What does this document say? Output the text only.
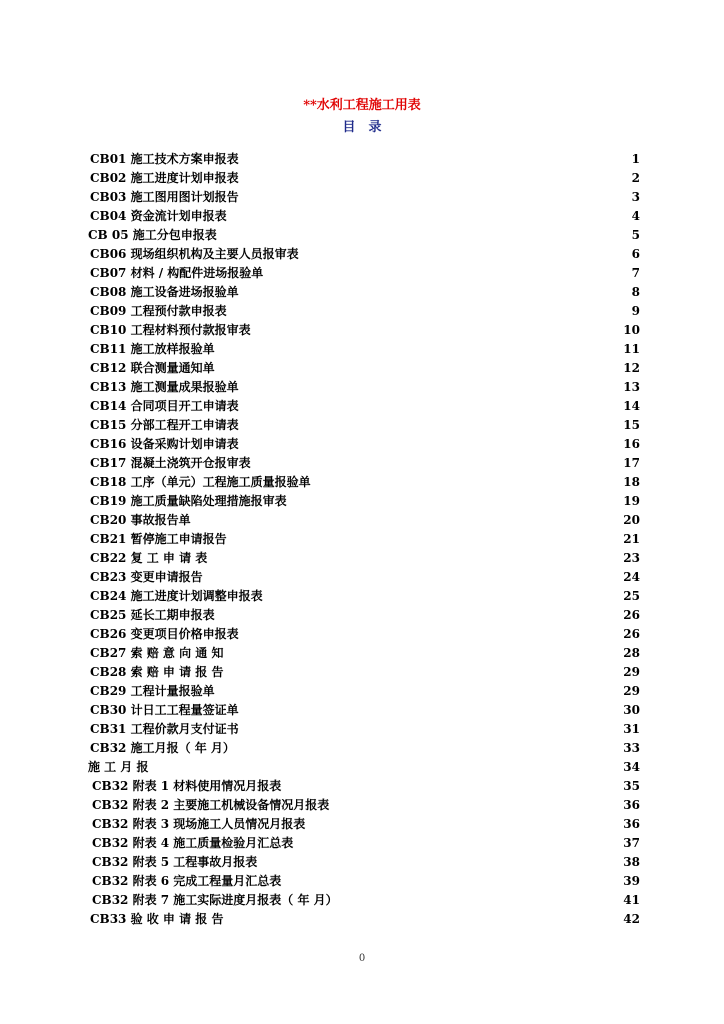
**水利工程施工用表
目　录
CB01 施工技术方案申报表	1
CB02 施工进度计划申报表	2
CB03 施工图用图计划报告	3
CB04 资金流计划申报表	4
CB 05 施工分包申报表	5
CB06 现场组织机构及主要人员报审表	6
CB07 材料 / 构配件进场报验单	7
CB08 施工设备进场报验单	8
CB09 工程预付款申报表	9
CB10 工程材料预付款报审表	10
CB11 施工放样报验单	11
CB12 联合测量通知单	12
CB13 施工测量成果报验单	13
CB14 合同项目开工申请表	14
CB15 分部工程开工申请表	15
CB16 设备采购计划申请表	16
CB17 混凝土浇筑开仓报审表	17
CB18 工序（单元）工程施工质量报验单	18
CB19 施工质量缺陷处理措施报审表	19
CB20 事故报告单	20
CB21 暂停施工申请报告	21
CB22 复 工 申 请 表	23
CB23 变更申请报告	24
CB24 施工进度计划调整申报表	25
CB25 延长工期申报表	26
CB26 变更项目价格申报表	26
CB27 索 赔 意 向 通 知	28
CB28 索 赔 申 请 报 告	29
CB29 工程计量报验单	29
CB30 计日工工程量签证单	30
CB31 工程价款月支付证书	31
CB32 施工月报（ 年 月）	33
施 工 月 报	34
CB32 附表 1 材料使用情况月报表	35
CB32 附表 2 主要施工机械设备情况月报表	36
CB32 附表 3 现场施工人员情况月报表	36
CB32 附表 4 施工质量检验月汇总表	37
CB32 附表 5 工程事故月报表	38
CB32 附表 6 完成工程量月汇总表	39
CB32 附表 7 施工实际进度月报表（ 年 月）	41
CB33 验 收 申 请 报 告	42
0
